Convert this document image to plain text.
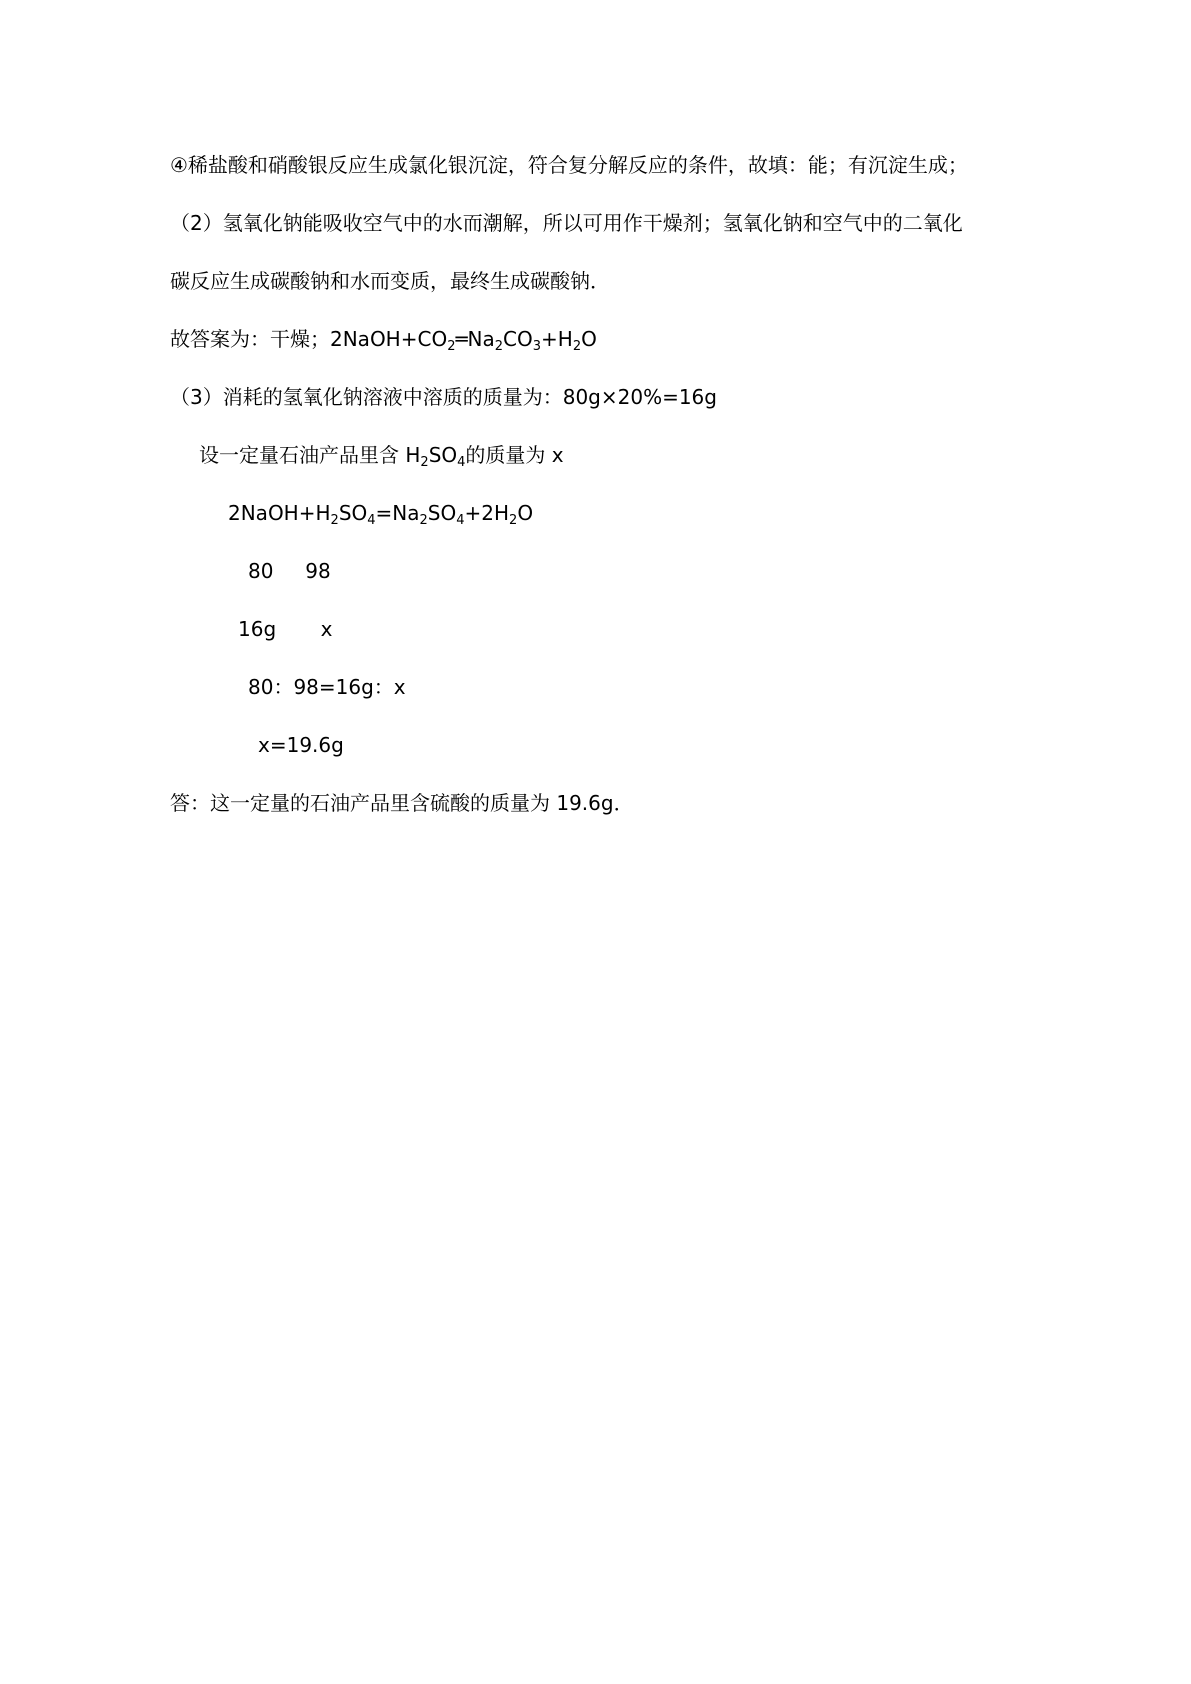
④稀盐酸和硝酸银反应生成氯化银沉淀，符合复分解反应的条件，故填：能；有沉淀生成；
（2）氢氧化钠能吸收空气中的水而潮解，所以可用作干燥剂；氢氧化钠和空气中的二氧化
碳反应生成碳酸钠和水而变质，最终生成碳酸钠．
故答案为：干燥；$2NaOH+CO_2═Na_2CO_3+H_2O$
（3）消耗的氢氧化钠溶液中溶质的质量为：80g×20%=16g
设一定量石油产品里含 $H_2SO_4$的质量为 x
$2NaOH+H_2SO_4=Na_2SO_4+2H_2O$
80     98
16g       x
80：98=16g：x
x=19.6g
答：这一定量的石油产品里含硫酸的质量为 19.6g．
